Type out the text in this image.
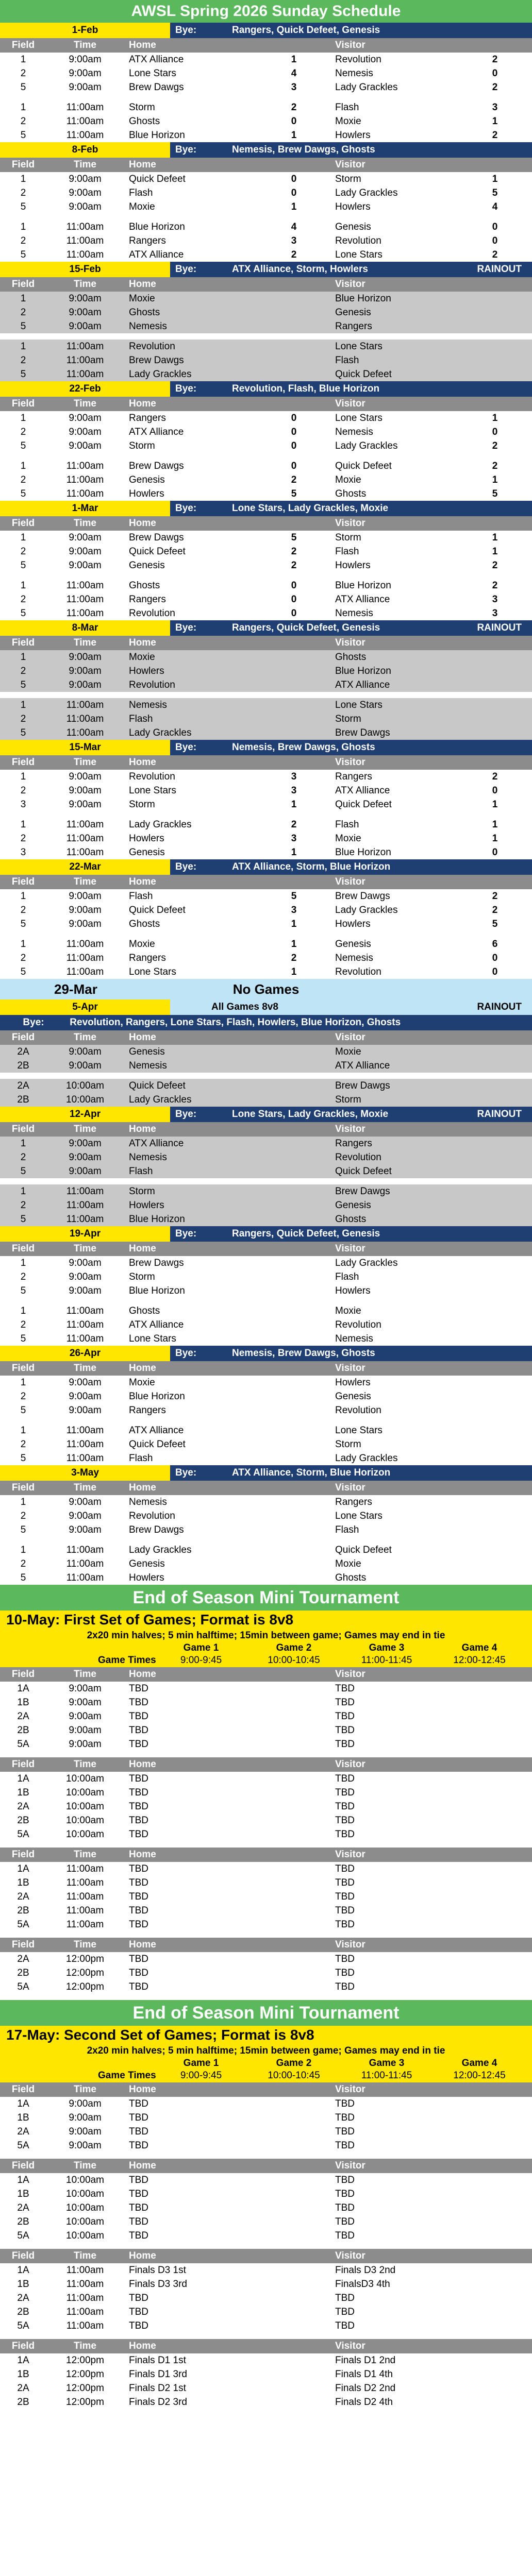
AWSL Spring 2026 Sunday Schedule
1-Feb	Bye:	Rangers, Quick Defeet, Genesis
Field	Time	Home	Visitor
1	9:00am	ATX Alliance	1	Revolution	2
2	9:00am	Lone Stars	4	Nemesis	0
5	9:00am	Brew Dawgs	3	Lady Grackles	2
1	11:00am	Storm	2	Flash	3
2	11:00am	Ghosts	0	Moxie	1
5	11:00am	Blue Horizon	1	Howlers	2
8-Feb	Bye:	Nemesis, Brew Dawgs, Ghosts
Field	Time	Home	Visitor
1	9:00am	Quick Defeet	0	Storm	1
2	9:00am	Flash	0	Lady Grackles	5
5	9:00am	Moxie	1	Howlers	4
1	11:00am	Blue Horizon	4	Genesis	0
2	11:00am	Rangers	3	Revolution	0
5	11:00am	ATX Alliance	2	Lone Stars	2
15-Feb	Bye:	ATX Alliance, Storm, Howlers	RAINOUT
Field	Time	Home	Visitor
1	9:00am	Moxie	Blue Horizon
2	9:00am	Ghosts	Genesis
5	9:00am	Nemesis	Rangers
1	11:00am	Revolution	Lone Stars
2	11:00am	Brew Dawgs	Flash
5	11:00am	Lady Grackles	Quick Defeet
22-Feb	Bye:	Revolution, Flash, Blue Horizon
Field	Time	Home	Visitor
1	9:00am	Rangers	0	Lone Stars	1
2	9:00am	ATX Alliance	0	Nemesis	0
5	9:00am	Storm	0	Lady Grackles	2
1	11:00am	Brew Dawgs	0	Quick Defeet	2
2	11:00am	Genesis	2	Moxie	1
5	11:00am	Howlers	5	Ghosts	5
1-Mar	Bye:	Lone Stars, Lady Grackles, Moxie
Field	Time	Home	Visitor
1	9:00am	Brew Dawgs	5	Storm	1
2	9:00am	Quick Defeet	2	Flash	1
5	9:00am	Genesis	2	Howlers	2
1	11:00am	Ghosts	0	Blue Horizon	2
2	11:00am	Rangers	0	ATX Alliance	3
5	11:00am	Revolution	0	Nemesis	3
8-Mar	Bye:	Rangers, Quick Defeet, Genesis	RAINOUT
Field	Time	Home	Visitor
1	9:00am	Moxie	Ghosts
2	9:00am	Howlers	Blue Horizon
5	9:00am	Revolution	ATX Alliance
1	11:00am	Nemesis	Lone Stars
2	11:00am	Flash	Storm
5	11:00am	Lady Grackles	Brew Dawgs
15-Mar	Bye:	Nemesis, Brew Dawgs, Ghosts
Field	Time	Home	Visitor
1	9:00am	Revolution	3	Rangers	2
2	9:00am	Lone Stars	3	ATX Alliance	0
3	9:00am	Storm	1	Quick Defeet	1
1	11:00am	Lady Grackles	2	Flash	1
2	11:00am	Howlers	3	Moxie	1
3	11:00am	Genesis	1	Blue Horizon	0
22-Mar	Bye:	ATX Alliance, Storm, Blue Horizon
Field	Time	Home	Visitor
1	9:00am	Flash	5	Brew Dawgs	2
2	9:00am	Quick Defeet	3	Lady Grackles	2
5	9:00am	Ghosts	1	Howlers	5
1	11:00am	Moxie	1	Genesis	6
2	11:00am	Rangers	2	Nemesis	0
5	11:00am	Lone Stars	1	Revolution	0
29-Mar	No Games
5-Apr	All Games 8v8	RAINOUT
Bye:	Revolution, Rangers, Lone Stars, Flash, Howlers, Blue Horizon, Ghosts
Field	Time	Home	Visitor
2A	9:00am	Genesis	Moxie
2B	9:00am	Nemesis	ATX Alliance
2A	10:00am	Quick Defeet	Brew Dawgs
2B	10:00am	Lady Grackles	Storm
12-Apr	Bye:	Lone Stars, Lady Grackles, Moxie	RAINOUT
Field	Time	Home	Visitor
1	9:00am	ATX Alliance	Rangers
2	9:00am	Nemesis	Revolution
5	9:00am	Flash	Quick Defeet
1	11:00am	Storm	Brew Dawgs
2	11:00am	Howlers	Genesis
5	11:00am	Blue Horizon	Ghosts
19-Apr	Bye:	Rangers, Quick Defeet, Genesis
Field	Time	Home	Visitor
1	9:00am	Brew Dawgs	Lady Grackles
2	9:00am	Storm	Flash
5	9:00am	Blue Horizon	Howlers
1	11:00am	Ghosts	Moxie
2	11:00am	ATX Alliance	Revolution
5	11:00am	Lone Stars	Nemesis
26-Apr	Bye:	Nemesis, Brew Dawgs, Ghosts
Field	Time	Home	Visitor
1	9:00am	Moxie	Howlers
2	9:00am	Blue Horizon	Genesis
5	9:00am	Rangers	Revolution
1	11:00am	ATX Alliance	Lone Stars
2	11:00am	Quick Defeet	Storm
5	11:00am	Flash	Lady Grackles
3-May	Bye:	ATX Alliance, Storm, Blue Horizon
Field	Time	Home	Visitor
1	9:00am	Nemesis	Rangers
2	9:00am	Revolution	Lone Stars
5	9:00am	Brew Dawgs	Flash
1	11:00am	Lady Grackles	Quick Defeet
2	11:00am	Genesis	Moxie
5	11:00am	Howlers	Ghosts
End of Season Mini Tournament
10-May: First Set of Games; Format is 8v8
2x20 min halves; 5 min halftime; 15min between game; Games may end in tie
Game 1	Game 2	Game 3	Game 4
Game Times	9:00-9:45	10:00-10:45	11:00-11:45	12:00-12:45
Field	Time	Home	Visitor
1A	9:00am	TBD	TBD
1B	9:00am	TBD	TBD
2A	9:00am	TBD	TBD
2B	9:00am	TBD	TBD
5A	9:00am	TBD	TBD
Field	Time	Home	Visitor
1A	10:00am	TBD	TBD
1B	10:00am	TBD	TBD
2A	10:00am	TBD	TBD
2B	10:00am	TBD	TBD
5A	10:00am	TBD	TBD
Field	Time	Home	Visitor
1A	11:00am	TBD	TBD
1B	11:00am	TBD	TBD
2A	11:00am	TBD	TBD
2B	11:00am	TBD	TBD
5A	11:00am	TBD	TBD
Field	Time	Home	Visitor
2A	12:00pm	TBD	TBD
2B	12:00pm	TBD	TBD
5A	12:00pm	TBD	TBD
End of Season Mini Tournament
17-May: Second Set of Games; Format is 8v8
2x20 min halves; 5 min halftime; 15min between game; Games may end in tie
Game 1	Game 2	Game 3	Game 4
Game Times	9:00-9:45	10:00-10:45	11:00-11:45	12:00-12:45
Field	Time	Home	Visitor
1A	9:00am	TBD	TBD
1B	9:00am	TBD	TBD
2A	9:00am	TBD	TBD
5A	9:00am	TBD	TBD
Field	Time	Home	Visitor
1A	10:00am	TBD	TBD
1B	10:00am	TBD	TBD
2A	10:00am	TBD	TBD
2B	10:00am	TBD	TBD
5A	10:00am	TBD	TBD
Field	Time	Home	Visitor
1A	11:00am	Finals D3 1st	Finals D3 2nd
1B	11:00am	Finals D3 3rd	FinalsD3 4th
2A	11:00am	TBD	TBD
2B	11:00am	TBD	TBD
5A	11:00am	TBD	TBD
Field	Time	Home	Visitor
1A	12:00pm	Finals D1 1st	Finals D1 2nd
1B	12:00pm	Finals D1 3rd	Finals D1 4th
2A	12:00pm	Finals D2 1st	Finals D2 2nd
2B	12:00pm	Finals D2 3rd	Finals D2 4th
